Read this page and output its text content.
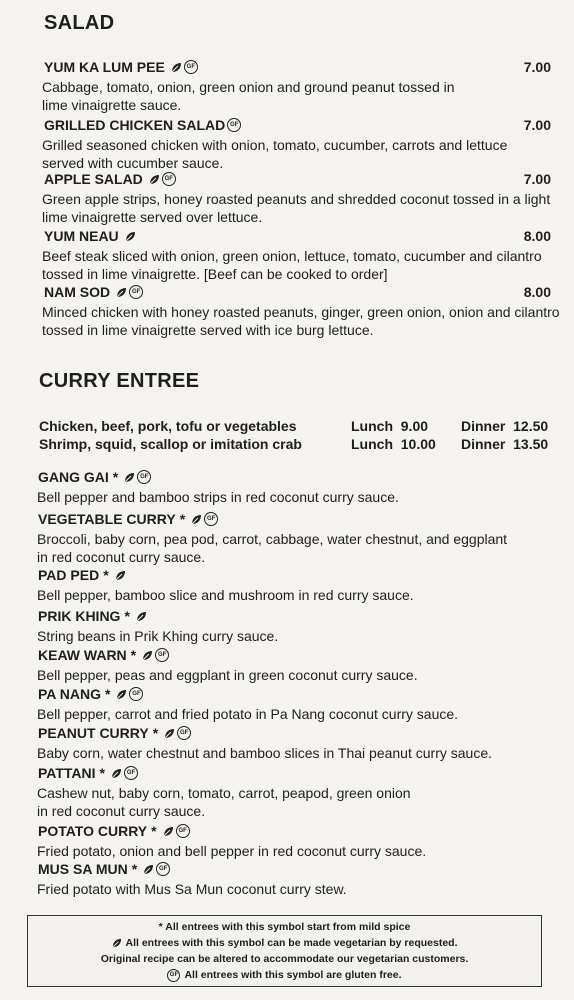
SALAD
YUM KA LUM PEE	GF	7.00
Cabbage, tomato, onion, green onion and ground peanut tossed in
lime vinaigrette sauce.
GRILLED CHICKEN SALAD GF	7.00
Grilled seasoned chicken with onion, tomato, cucumber, carrots and lettuce
served with cucumber sauce.
APPLE SALAD	GF	7.00
Green apple strips, honey roasted peanuts and shredded coconut tossed in a light
lime vinaigrette served over lettuce.
YUM NEAU	8.00
Beef steak sliced with onion, green onion, lettuce, tomato, cucumber and cilantro
tossed in lime vinaigrette. [Beef can be cooked to order]
NAM SOD	GF	8.00
Minced chicken with honey roasted peanuts, ginger, green onion, onion and cilantro
tossed in lime vinaigrette served with ice burg lettuce.
CURRY ENTREE
Chicken, beef, pork, tofu or vegetables	Lunch  9.00 Dinner  12.50
Shrimp, squid, scallop or imitation crab	Lunch  10.00 Dinner  13.50
GANG GAI *	GF
Bell pepper and bamboo strips in red coconut curry sauce.
VEGETABLE CURRY *	GF
Broccoli, baby corn, pea pod, carrot, cabbage, water chestnut, and eggplant
in red coconut curry sauce.
PAD PED *
Bell pepper, bamboo slice and mushroom in red curry sauce.
PRIK KHING *
String beans in Prik Khing curry sauce.
KEAW WARN *	GF
Bell pepper, peas and eggplant in green coconut curry sauce.
PA NANG *	GF
Bell pepper, carrot and fried potato in Pa Nang coconut curry sauce.
PEANUT CURRY *	GF
Baby corn, water chestnut and bamboo slices in Thai peanut curry sauce.
PATTANI *	GF
Cashew nut, baby corn, tomato, carrot, peapod, green onion
in red coconut curry sauce.
POTATO CURRY *	GF
Fried potato, onion and bell pepper in red coconut curry sauce.
MUS SA MUN *	GF
Fried potato with Mus Sa Mun coconut curry stew.
* All entrees with this symbol start from mild spice
All entrees with this symbol can be made vegetarian by requested.
Original recipe can be altered to accommodate our vegetarian customers.
GF All entrees with this symbol are gluten free.
